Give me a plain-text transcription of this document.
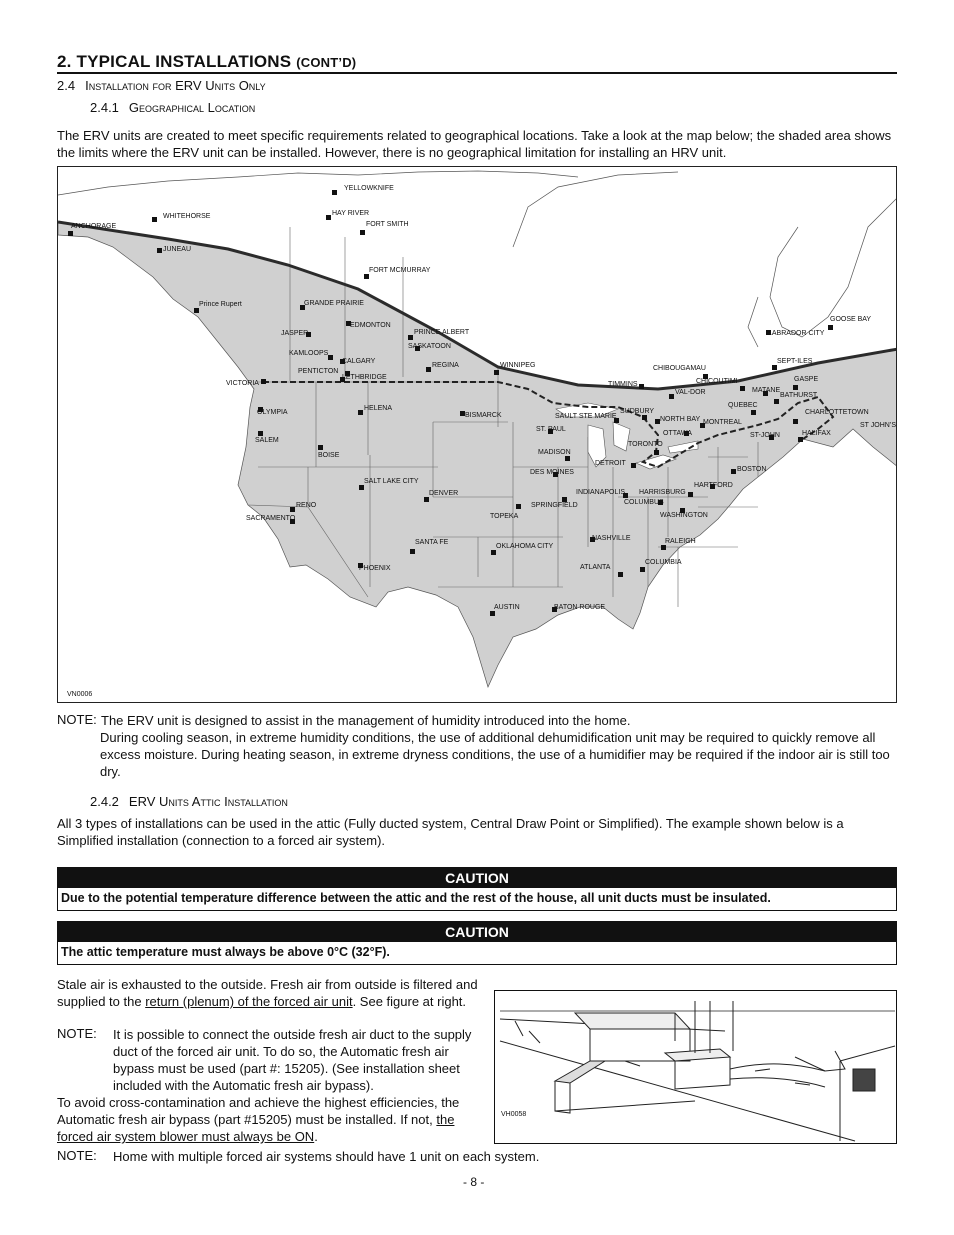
2. TYPICAL INSTALLATIONS (CONT’D)
2.4 Installation for ERV Units Only
2.4.1 Geographical Location
The ERV units are created to meet specific requirements related to geographical locations. Take a look at the map below; the shaded area shows the limits where the ERV unit can be installed. However, there is no geographical limitation for installing an HRV unit.
YELLOWKNIFE
HAY RIVER
FORT SMITH
WHITEHORSE
ANCHORAGE
JUNEAU
FORT MCMURRAY
Prince Rupert	GRANDE PRAIRIE
EDMONTON
JASPER	PRINCE ALBERT
SASKATOON
KAMLOOPS
CALGARY
PENTICTON
LETHBRIDGE
REGINA	WINNIPEG
VICTORIA
OLYMPIA
HELENA
BISMARCK
SALEM
BOISE
SALT LAKE CITY
DENVER
RENO
SACRAMENTO
SANTA FE
PHOENIX
OKLAHOMA CITY
AUSTIN	BATON ROUGE
TOPEKA
DES MOINES
MADISON
ST. PAUL
SPRINGFIELD
INDIANAPOLIS
NASHVILLE
ATLANTA
COLUMBIA
RALEIGH
WASHINGTON
COLUMBUS
HARRISBURG
HARTFORD
BOSTON
DETROIT
TORONTO
SAULT STE MARIE
SUDBURY
NORTH BAY
OTTAWA
MONTREAL
TIMMINS
CHIBOUGAMAU
VAL-DOR
CHICOUTIMI
QUEBEC
MATANE
GASPE
BATHURST
CHARLOTTETOWN
HALIFAX
ST-JOHN
ST JOHN’S
SEPT-ILES
LABRADOR CITY
GOOSE BAY
VN0006
NOTE: The ERV unit is designed to assist in the management of humidity introduced into the home.
During cooling season, in extreme humidity conditions, the use of additional dehumidification unit may be required to quickly remove all excess moisture. During heating season, in extreme dryness conditions, the use of a humidifier may be required if the indoor air is still too dry.
2.4.2 ERV Units Attic Installation
All 3 types of installations can be used in the attic (Fully ducted system, Central Draw Point or Simplified). The example shown below is a Simplified installation (connection to a forced air system).
CAUTION
Due to the potential temperature difference between the attic and the rest of the house, all unit ducts must be insulated.
CAUTION
The attic temperature must always be above 0°C (32°F).
Stale air is exhausted to the outside. Fresh air from outside is filtered and supplied to the return (plenum) of the forced air unit. See figure at right.
NOTE: It is possible to connect the outside fresh air duct to the supply duct of the forced air unit. To do so, the Automatic fresh air bypass must be used (part #: 15205). (See installation sheet included with the Automatic fresh air bypass).
To avoid cross-contamination and achieve the highest efficiencies, the Automatic fresh air bypass (part #15205) must be installed. If not, the forced air system blower must always be ON.
VH0058
NOTE: Home with multiple forced air systems should have 1 unit on each system.
- 8 -
